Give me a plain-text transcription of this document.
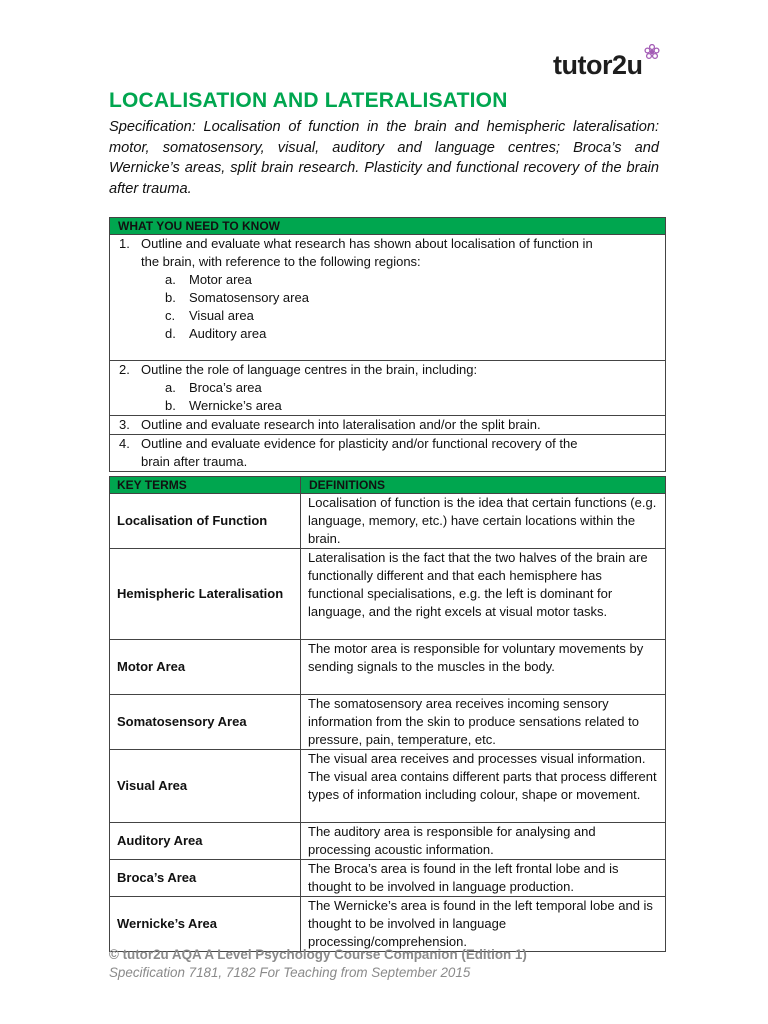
tutor2u
LOCALISATION AND LATERALISATION
Specification: Localisation of function in the brain and hemispheric lateralisation: motor, somatosensory, visual, auditory and language centres; Broca’s and Wernicke’s areas, split brain research. Plasticity and functional recovery of the brain after trauma.
WHAT YOU NEED TO KNOW
1. Outline and evaluate what research has shown about localisation of function in
the brain, with reference to the following regions:
a. Motor area
b. Somatosensory area
c. Visual area
d. Auditory area

2. Outline the role of language centres in the brain, including:
a. Broca’s area
b. Wernicke’s area

3. Outline and evaluate research into lateralisation and/or the split brain.
4. Outline and evaluate evidence for plasticity and/or functional recovery of the
brain after trauma.
KEY TERMS	DEFINITIONS
Localisation of Function	Localisation of function is the idea that certain functions (e.g. language, memory, etc.) have certain locations within the brain.
Hemispheric Lateralisation	Lateralisation is the fact that the two halves of the brain are functionally different and that each hemisphere has functional specialisations, e.g. the left is dominant for language, and the right excels at visual motor tasks.
Motor Area	The motor area is responsible for voluntary movements by sending signals to the muscles in the body.
Somatosensory Area	The somatosensory area receives incoming sensory information from the skin to produce sensations related to pressure, pain, temperature, etc.
Visual Area	The visual area receives and processes visual information. The visual area contains different parts that process different types of information including colour, shape or movement.
Auditory Area	The auditory area is responsible for analysing and processing acoustic information.
Broca’s Area	The Broca’s area is found in the left frontal lobe and is thought to be involved in language production.
Wernicke’s Area	The Wernicke’s area is found in the left temporal lobe and is thought to be involved in language processing/comprehension.
© tutor2u AQA A Level Psychology Course Companion (Edition 1)
Specification 7181, 7182 For Teaching from September 2015
